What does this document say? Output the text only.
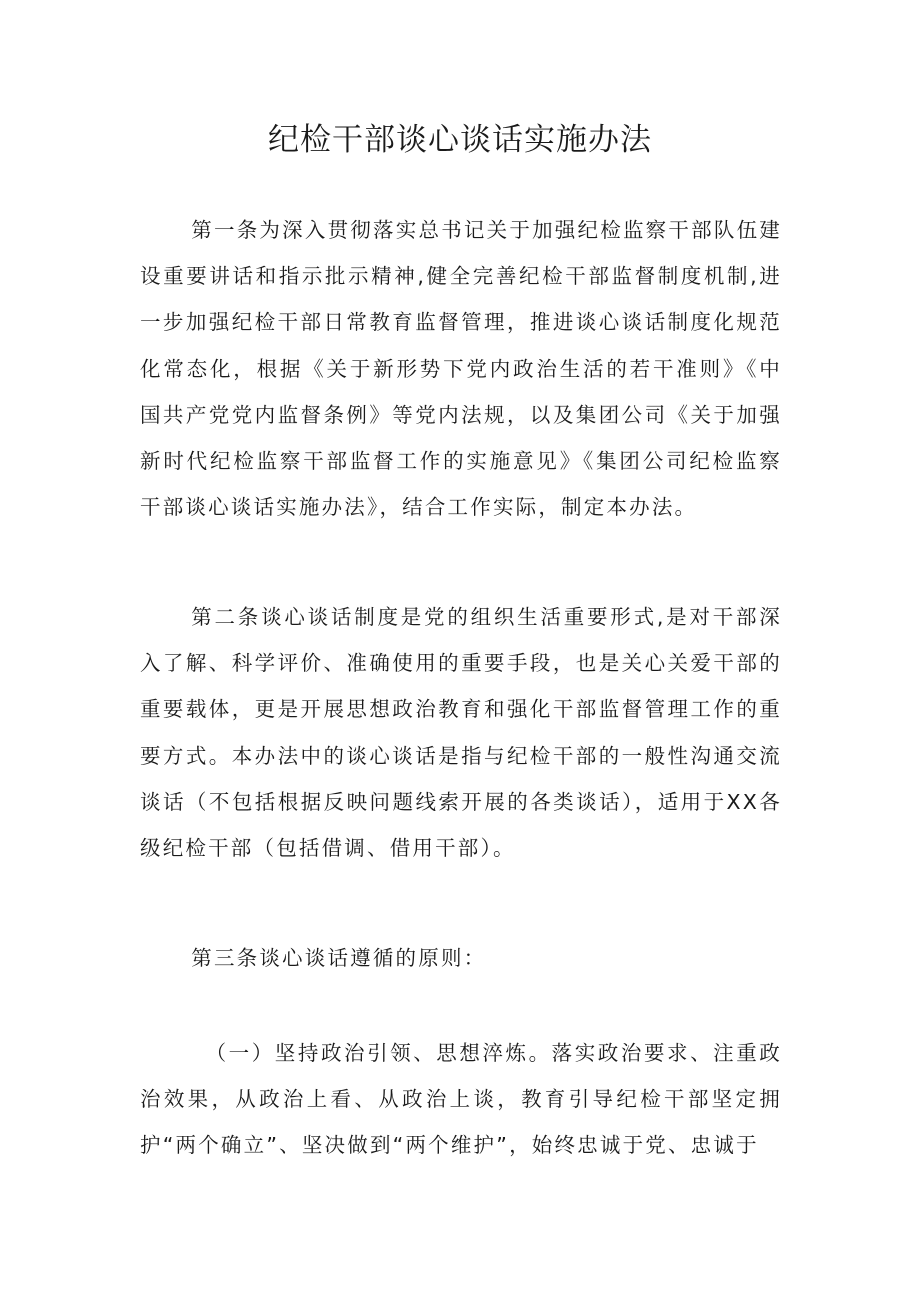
纪检干部谈心谈话实施办法

第一条为深入贯彻落实总书记关于加强纪检监察干部队伍建设重要讲话和指示批示精神,健全完善纪检干部监督制度机制,进一步加强纪检干部日常教育监督管理，推进谈心谈话制度化规范化常态化，根据《关于新形势下党内政治生活的若干准则》《中国共产党党内监督条例》等党内法规，以及集团公司《关于加强新时代纪检监察干部监督工作的实施意见》《集团公司纪检监察干部谈心谈话实施办法》，结合工作实际，制定本办法。

第二条谈心谈话制度是党的组织生活重要形式,是对干部深入了解、科学评价、准确使用的重要手段，也是关心关爱干部的重要载体，更是开展思想政治教育和强化干部监督管理工作的重要方式。本办法中的谈心谈话是指与纪检干部的一般性沟通交流谈话（不包括根据反映问题线索开展的各类谈话），适用于XX各级纪检干部（包括借调、借用干部）。

第三条谈心谈话遵循的原则：

（一）坚持政治引领、思想淬炼。落实政治要求、注重政治效果，从政治上看、从政治上谈，教育引导纪检干部坚定拥护“两个确立”、坚决做到“两个维护”，始终忠诚于党、忠诚于
